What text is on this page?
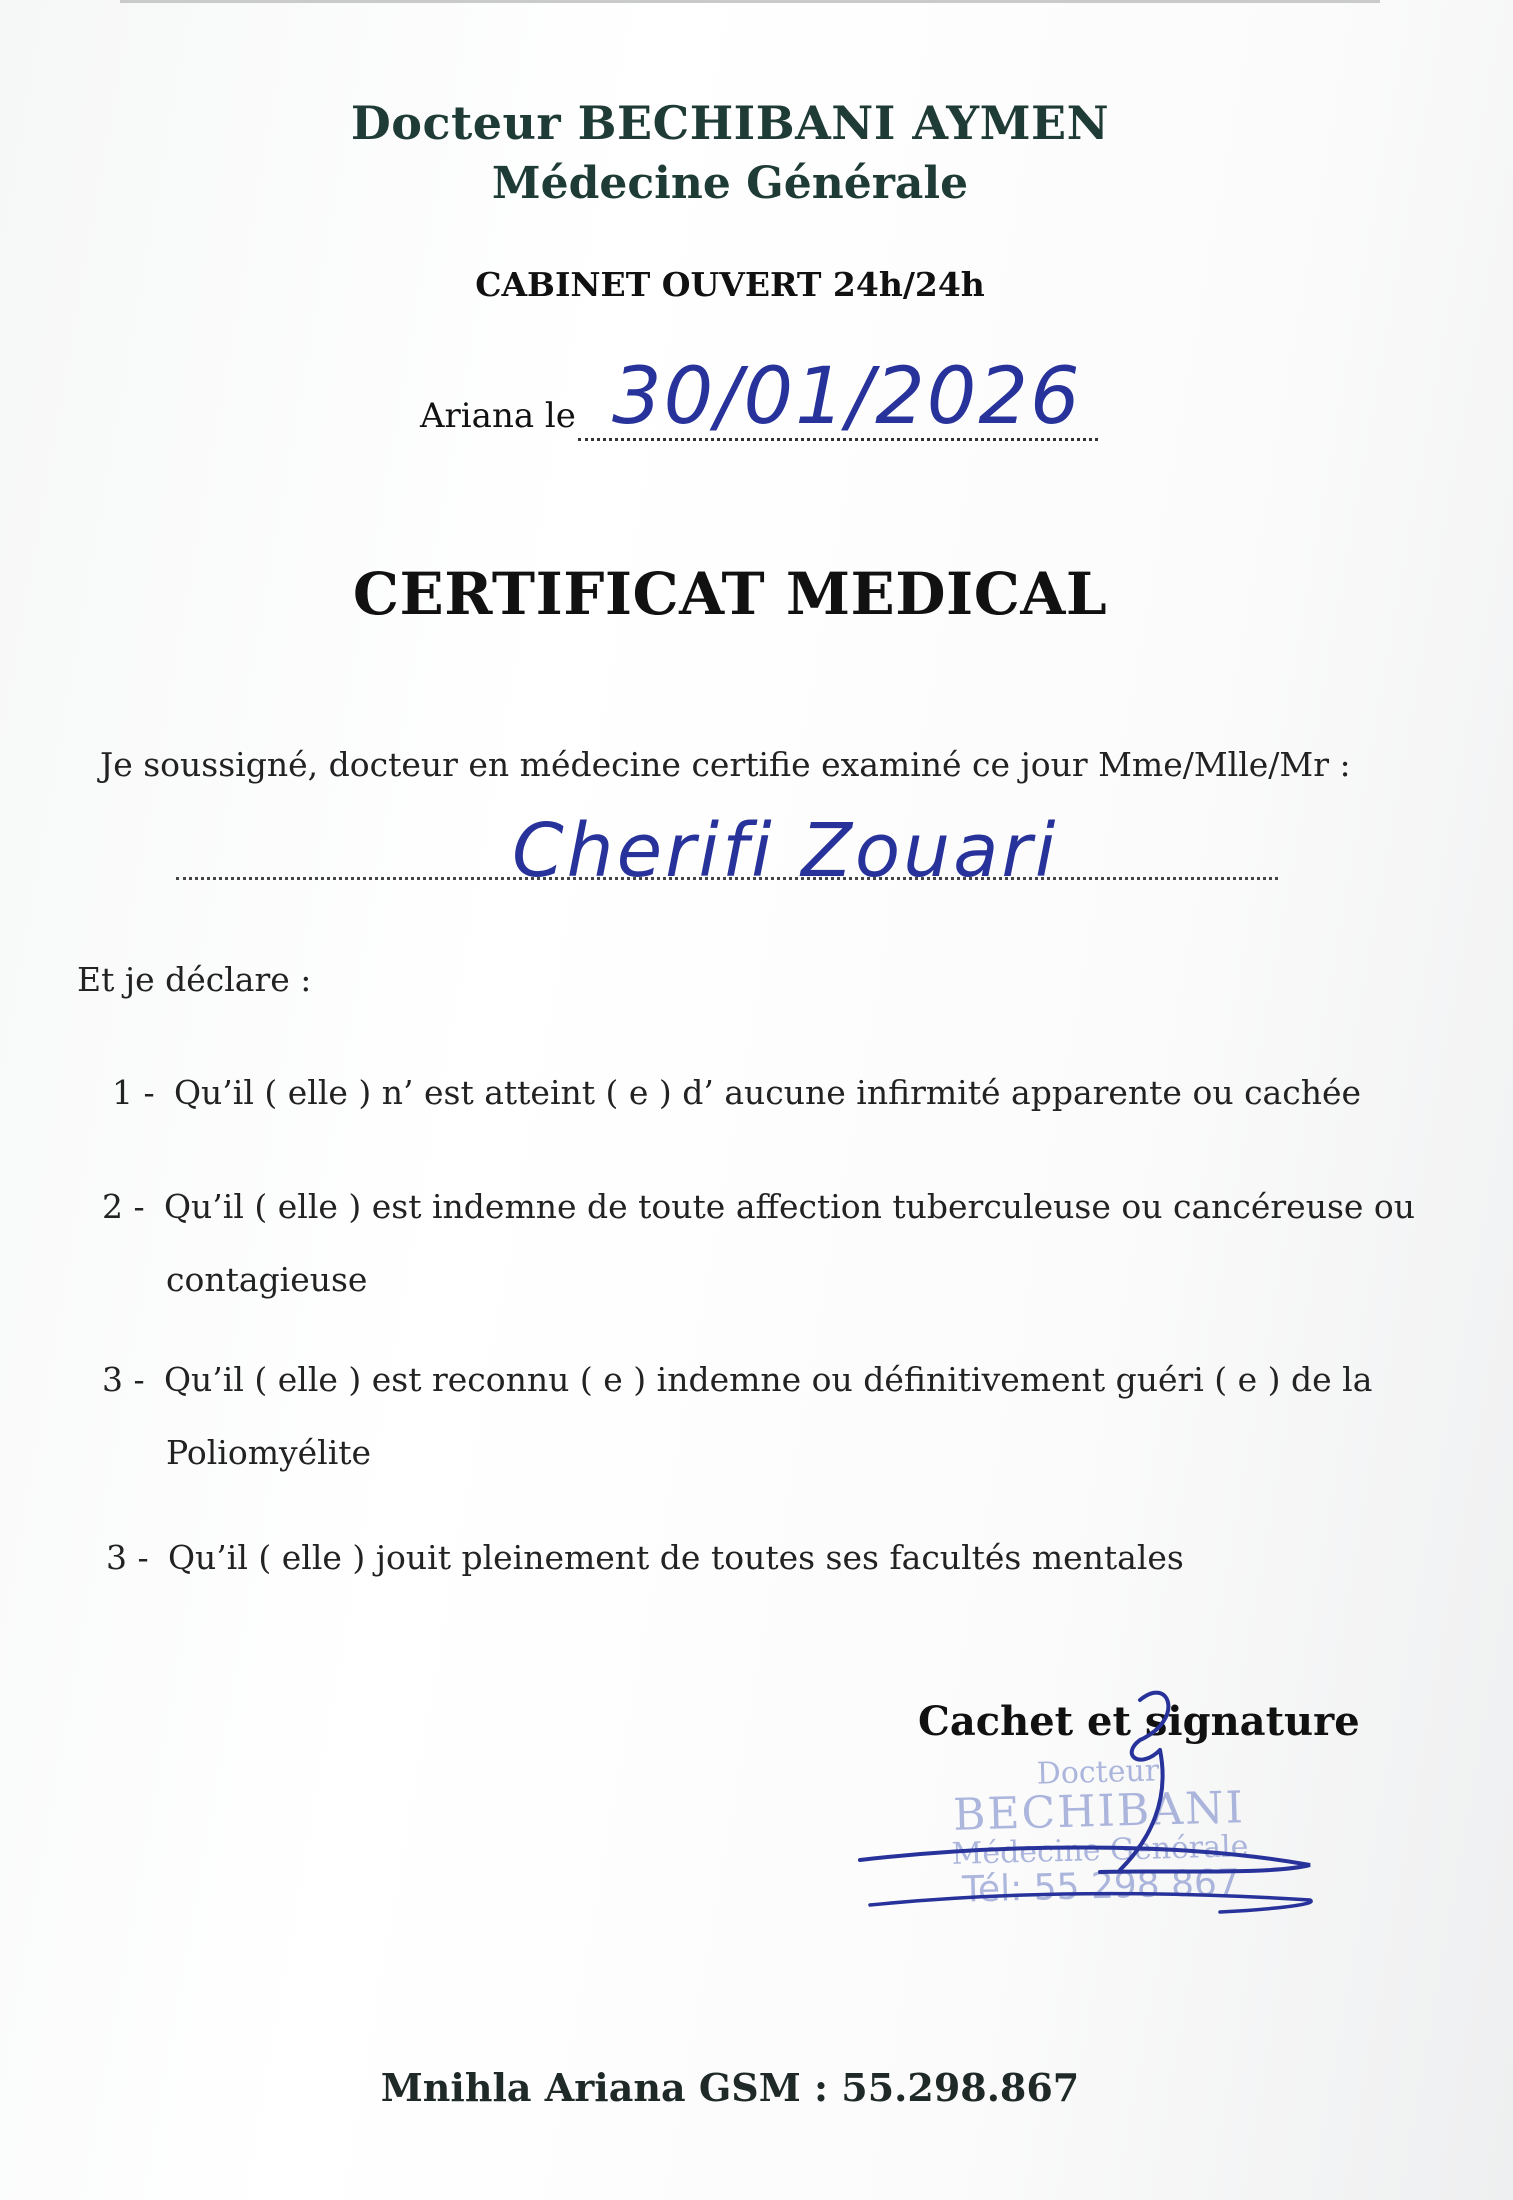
Docteur BECHIBANI AYMEN
Médecine Générale
CABINET OUVERT 24h/24h
Ariana le 30/01/2026
CERTIFICAT MEDICAL
Je soussigné, docteur en médecine certifie examiné ce jour Mme/Mlle/Mr :
Cherifi Zouari
Et je déclare :
1 - Qu’il ( elle ) n’ est atteint ( e ) d’ aucune infirmité apparente ou cachée
2 - Qu’il ( elle ) est indemne de toute affection tuberculeuse ou cancéreuse ou
contagieuse
3 - Qu’il ( elle ) est reconnu ( e ) indemne ou définitivement guéri ( e ) de la
Poliomyélite
3 - Qu’il ( elle ) jouit pleinement de toutes ses facultés mentales
Cachet et signature
Docteur
BECHIBANI
Médecine Générale
Tél: 55 298 867
Mnihla Ariana GSM : 55.298.867
